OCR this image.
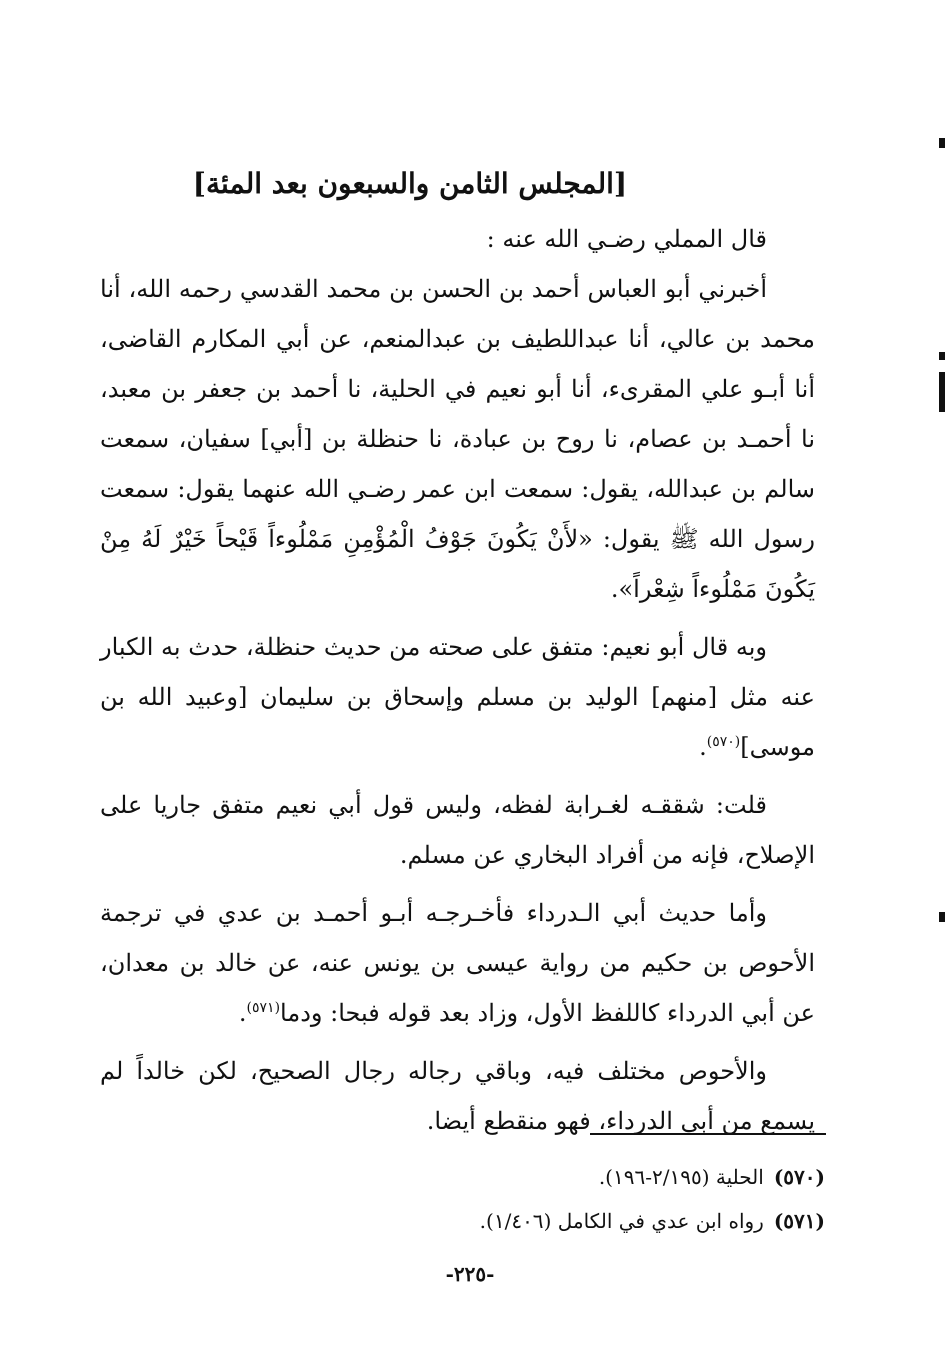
[المجلس الثامن والسبعون بعد المئة]

قال المملي رضـي الله عنه :

أخبرني أبو العباس أحمد بن الحسن بن محمد القدسي رحمه الله، أنا محمد بن عالي، أنا عبداللطيف بن عبدالمنعم، عن أبي المكارم القاضى، أنا أبـو علي المقرىء، أنا أبو نعيم في الحلية، نا أحمد بن جعفر بن معبد، نا أحمـد بن عصام، نا روح بن عبادة، نا حنظلة بن [أبي] سفيان، سمعت سالم بن عبدالله، يقول: سمعت ابن عمر رضـي الله عنهما يقول: سمعت رسول الله ﷺ يقول: «لأَنْ يَكُونَ جَوْفُ الْمُؤْمِنِ مَمْلُوءاً قَيْحاً خَيْرٌ لَهُ مِنْ يَكُونَ مَمْلُوءاً شِعْراً».

وبه قال أبو نعيم: متفق على صحته من حديث حنظلة، حدث به الكبار عنه مثل [منهم] الوليد بن مسلم وإسحاق بن سليمان [وعبيد الله بن موسى]$^{(٥٧٠)}$.

قلت: شققـه لغـرابة لفظه، وليس قول أبي نعيم متفق جاريا على الإصلاح، فإنه من أفراد البخاري عن مسلم.

وأما حديث أبي الـدرداء فأخـرجـه أبـو أحمـد بن عدي في ترجمة الأحوص بن حكيم من رواية عيسى بن يونس عنه، عن خالد بن معدان، عن أبي الدرداء كاللفظ الأول، وزاد بعد قوله فبحا: ودما$^{(٥٧١)}$.

والأحوص مختلف فيه، وباقي رجاله رجال الصحيح، لكن خالداً لم يسمع من أبي الدرداء، فهو منقطع أيضا.

(٥٧٠)الحلية (٢/١٩٥-١٩٦).
(٥٧١)رواه ابن عدي في الكامل (١/٤٠٦).
-٢٢٥-
